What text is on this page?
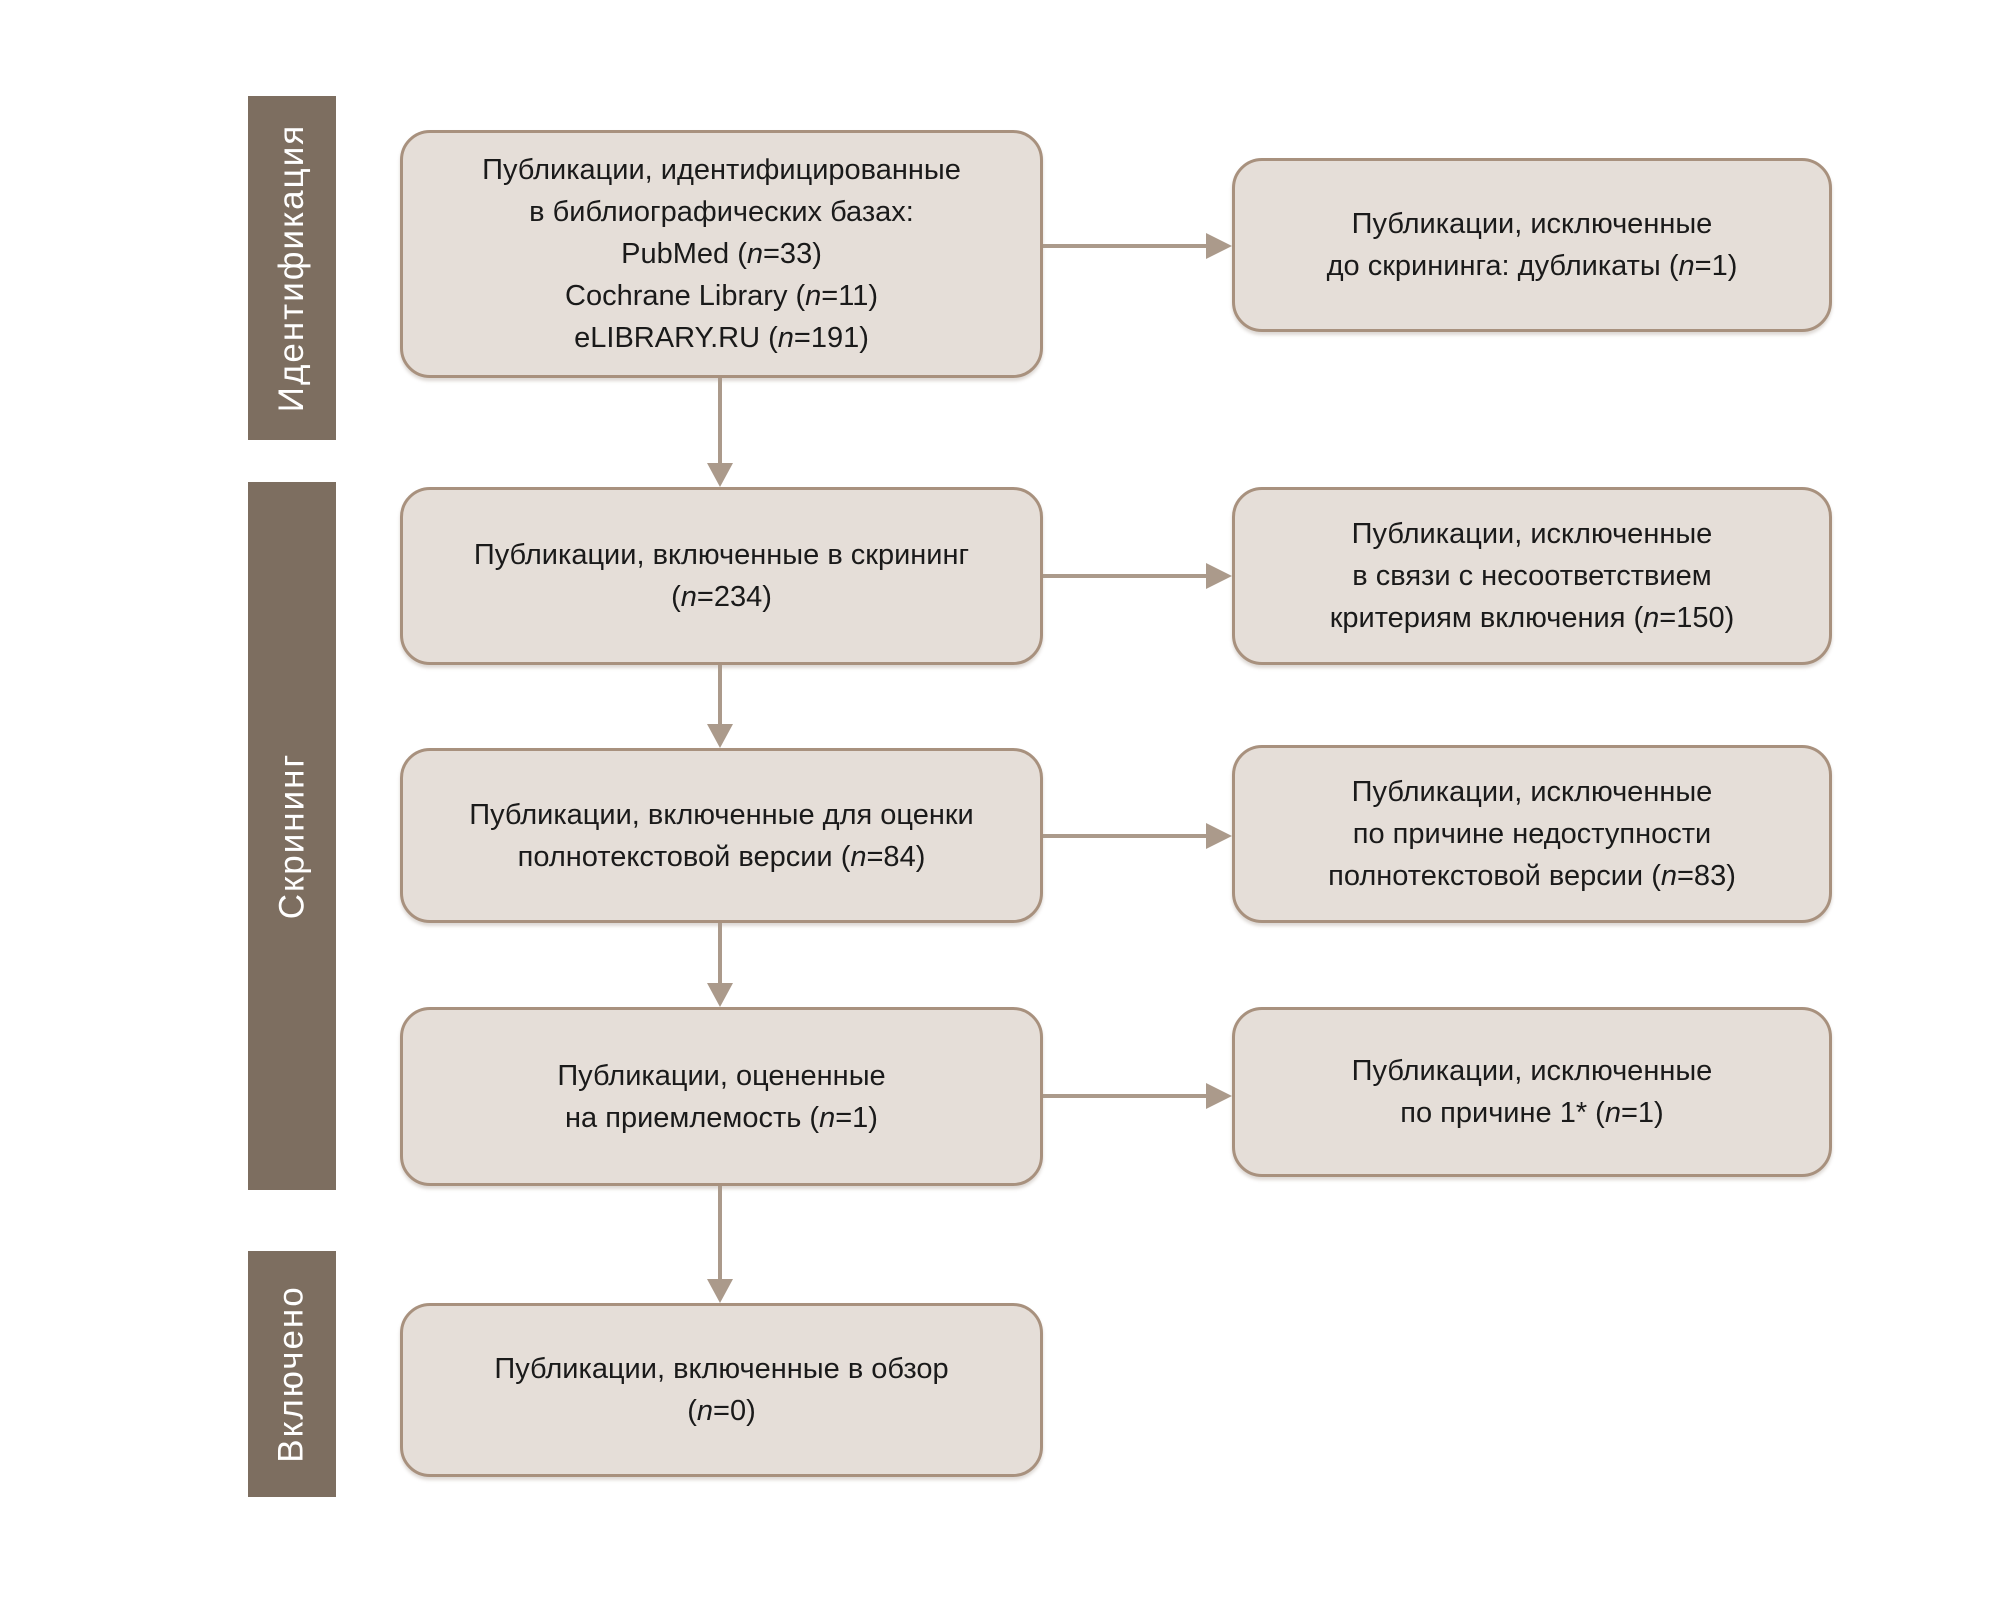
Идентификация
Скрининг
Включено
Публикации, идентифицированные
в библиографических базах:
PubMed (n=33)
Cochrane Library (n=11)
eLIBRARY.RU (n=191)
Публикации, включенные в скрининг
(n=234)
Публикации, включенные для оценки
полнотекстовой версии (n=84)
Публикации, оцененные
на приемлемость (n=1)
Публикации, включенные в обзор
(n=0)
Публикации, исключенные
до скрининга: дубликаты (n=1)
Публикации, исключенные
в связи с несоответствием
критериям включения (n=150)
Публикации, исключенные
по причине недоступности
полнотекстовой версии (n=83)
Публикации, исключенные
по причине 1* (n=1)
